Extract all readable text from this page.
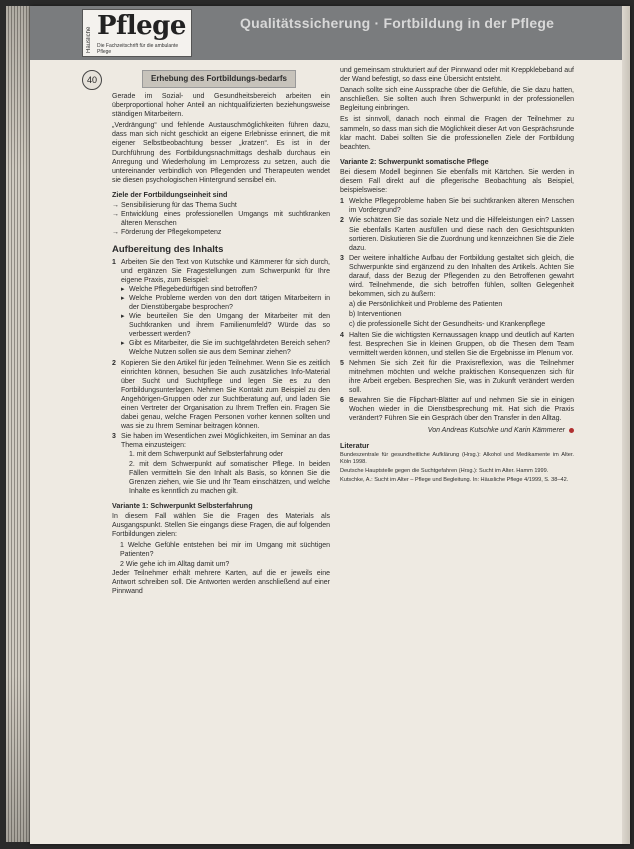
Häusliche Pflege
Die Fachzeitschrift für die ambulante Pflege
Qualitätssicherung · Fortbildung in der Pflege
40	Erhebung des Fortbildungs-bedarfs

Gerade im Sozial- und Gesundheitsbereich arbeiten ein überproportional hoher Anteil an nichtqualifizierten beziehungsweise ständigen Mitarbeitern.

„Verdrängung“ und fehlende Austauschmöglichkeiten führen dazu, dass man sich nicht geschickt an eigene Erlebnisse erinnert, die mit eigener Selbstbeobachtung besser „kratzen“. Es ist in der Durchführung des Fortbildungsnachmittags deshalb durchaus ein Anregung und Wiederholung im Lernprozess zu setzen, auch die untereinander verbindlich von Pflegenden und Therapeuten wendet sie diesen psychologischen Hintergrund sensibel ein.

Ziele der Fortbildungseinheit sind
→ Sensibilisierung für das Thema Sucht
→ Entwicklung eines professionellen Umgangs mit suchtkranken älteren Menschen
→ Förderung der Pflegekompetenz
Aufbereitung des Inhalts
1 Arbeiten Sie den Text von Kutschke und Kämmerer für sich durch, und ergänzen Sie Fragestellungen zum Schwerpunkt für Ihre eigene Praxis, zum Beispiel:
▸ Welche Pflegebedürftigen sind betroffen?
▸ Welche Probleme werden von den dort tätigen Mitarbeitern in der Dienstübergabe besprochen?
▸ Wie beurteilen Sie den Umgang der Mitarbeiter mit den Suchtkranken und ihrem Familienumfeld? Würde das so verbessert werden?
▸ Gibt es Mitarbeiter, die Sie im suchtgefährdeten Bereich sehen? Welche Nutzen sollen sie aus dem Seminar ziehen?
2 Kopieren Sie den Artikel für jeden Teilnehmer. Wenn Sie es zeitlich einrichten können, besuchen Sie auch zusätzliches Info-Material über Sucht und Suchtpflege und legen Sie es zu den Fortbildungsunterlagen. Nehmen Sie Kontakt zum Beispiel zu den Angehörigen-Gruppen oder zur Suchtberatung auf, und laden Sie einen Vertreter der Organisation zu Ihrem Treffen ein. Fragen Sie dabei genau, welche Fragen Personen vorher kennen sollten und was sie zu Ihrem Seminar beitragen können.
3 Sie haben im Wesentlichen zwei Möglichkeiten, im Seminar an das Thema einzusteigen:
1. mit dem Schwerpunkt auf Selbsterfahrung oder
2. mit dem Schwerpunkt auf somatischer Pflege. In beiden Fällen vermitteln Sie den Inhalt als Basis, so können Sie die Grenzen ziehen, wie Sie und Ihr Team einschätzen, und welche Inhalte es kenntlich zu machen gilt.
Variante 1: Schwerpunkt Selbsterfahrung

In diesem Fall wählen Sie die Fragen des Materials als Ausgangspunkt. Stellen Sie eingangs diese Fragen, die auf folgenden Fortbildungen zielen:

1 Welche Gefühle entstehen bei mir im Umgang mit süchtigen Patienten?
2 Wie gehe ich im Alltag damit um?

Jeder Teilnehmer erhält mehrere Karten, auf die er jeweils eine Antwort schreiben soll. Die Antworten werden anschließend auf einer Pinnwand

und gemeinsam strukturiert auf der Pinnwand oder mit Kreppklebeband auf der Wand befestigt, so dass eine Übersicht entsteht.

Danach sollte sich eine Aussprache über die Gefühle, die Sie dazu hatten, anschließen. Sie sollten auch Ihren Schwerpunkt in der professionellen Begleitung einbringen.

Es ist sinnvoll, danach noch einmal die Fragen der Teilnehmer zu sammeln, so dass man sich die Möglichkeit dieser Art von Gesprächsrunde klar macht. Dabei sollten Sie die professionellen Ziele der Fortbildung beachten.

Variante 2: Schwerpunkt somatische Pflege

Bei diesem Modell beginnen Sie ebenfalls mit Kärtchen. Sie werden in diesem Fall direkt auf die pflegerische Beobachtung als Beispiel, beispielsweise:

1 Welche Pflegeprobleme haben Sie bei suchtkranken älteren Menschen im Vordergrund?
2 Wie schätzen Sie das soziale Netz und die Hilfeleistungen ein? Lassen Sie ebenfalls Karten ausfüllen und diese nach den Gesichtspunkten sortieren. Diskutieren Sie die Zuordnung und kennzeichnen Sie die Ziele dazu.
3 Der weitere inhaltliche Aufbau der Fortbildung gestaltet sich gleich, die Schwerpunkte sind ergänzend zu den Inhalten des Artikels. Achten Sie darauf, dass der Bezug der Pflegenden zu den Betroffenen gewahrt wird. Teilnehmende, die sich betroffen fühlen, sollten Gelegenheit bekommen, sich zu äußern:
a) die Persönlichkeit und Probleme des Patienten
b) Interventionen
c) die professionelle Sicht der Gesundheits- und Krankenpflege
4 Halten Sie die wichtigsten Kernaussagen knapp und deutlich auf Karten fest. Besprechen Sie in kleinen Gruppen, ob die Thesen dem Team vermittelt werden können, und stellen Sie die Ergebnisse im Plenum vor.
5 Nehmen Sie sich Zeit für die Praxisreflexion, was die Teilnehmer mitnehmen möchten und welche praktischen Konsequenzen sich für ihre Arbeit ergeben. Besprechen Sie, was in Zukunft verändert werden soll.
6 Bewahren Sie die Flipchart-Blätter auf und nehmen Sie sie in einigen Wochen wieder in die Dienstbesprechung mit. Hat sich die Praxis verändert? Führen Sie ein Gespräch über den Transfer in den Alltag.
Von Andreas Kutschke und Karin Kämmerer
Literatur

Bundeszentrale für gesundheitliche Aufklärung (Hrsg.): Alkohol und Medikamente im Alter. Köln 1998.

Deutsche Hauptstelle gegen die Suchtgefahren (Hrsg.): Sucht im Alter. Hamm 1999.

Kutschke, A.: Sucht im Alter – Pflege und Begleitung. In: Häusliche Pflege 4/1999, S. 38–42.
